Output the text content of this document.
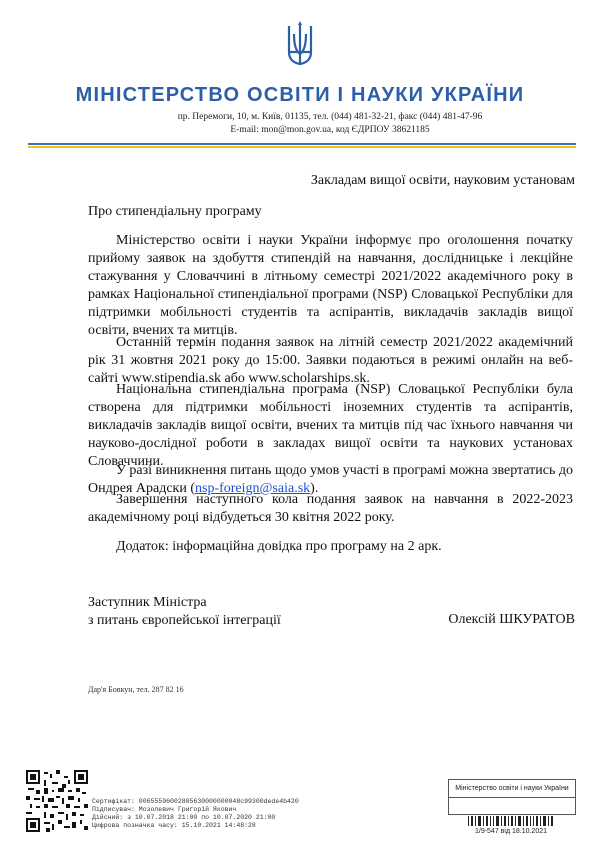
МІНІСТЕРСТВО ОСВІТИ І НАУКИ УКРАЇНИ
пр. Перемоги, 10, м. Київ, 01135, тел. (044) 481-32-21, факс (044) 481-47-96
E-mail: mon@mon.gov.ua, код ЄДРПОУ 38621185
Закладам вищої освіти, науковим установам
Про стипендіальну програму

Міністерство освіти і науки України інформує про оголошення початку прийому заявок на здобуття стипендій на навчання, дослідницьке і лекційне стажування у Словаччині в літньому семестрі 2021/2022 академічного року в рамках Національної стипендіальної програми (NSP) Словацької Республіки для підтримки мобільності студентів та аспірантів, викладачів закладів вищої освіти, вчених та митців.

Останній термін подання заявок на літній семестр 2021/2022 академічний рік 31 жовтня 2021 року до 15:00. Заявки подаються в режимі онлайн на веб-сайті www.stipendia.sk або www.scholarships.sk.

Національна стипендіальна програма (NSP) Словацької Республіки була створена для підтримки мобільності іноземних студентів та аспірантів, викладачів закладів вищої освіти, вчених та митців під час їхнього навчання чи науково-дослідної роботи в закладах вищої освіти та наукових установах Словаччини.

У разі виникнення питань щодо умов участі в програмі можна звертатись до Ондрея Арадски (nsp-foreign@saia.sk).

Завершення наступного кола подання заявок на навчання в 2022-2023 академічному році відбудеться 30 квітня 2022 року.

Додаток: інформаційна довідка про програму на 2 арк.

Заступник Міністра
з питань європейської інтеграції	Олексій ШКУРАТОВ
Дар'я Бовкун, тел. 287 82 16
Сертифікат: 00655596002805630000000048c99300dede4b420
Підписувач: Мозолевич Григорій Якович
Дійсний: з 10.07.2018 21:00 по 10.07.2020 21:00
Цифрова позначка часу: 15.10.2021 14:48:28
Міністерство освіти і науки України
1/9-547 від 18.10.2021
